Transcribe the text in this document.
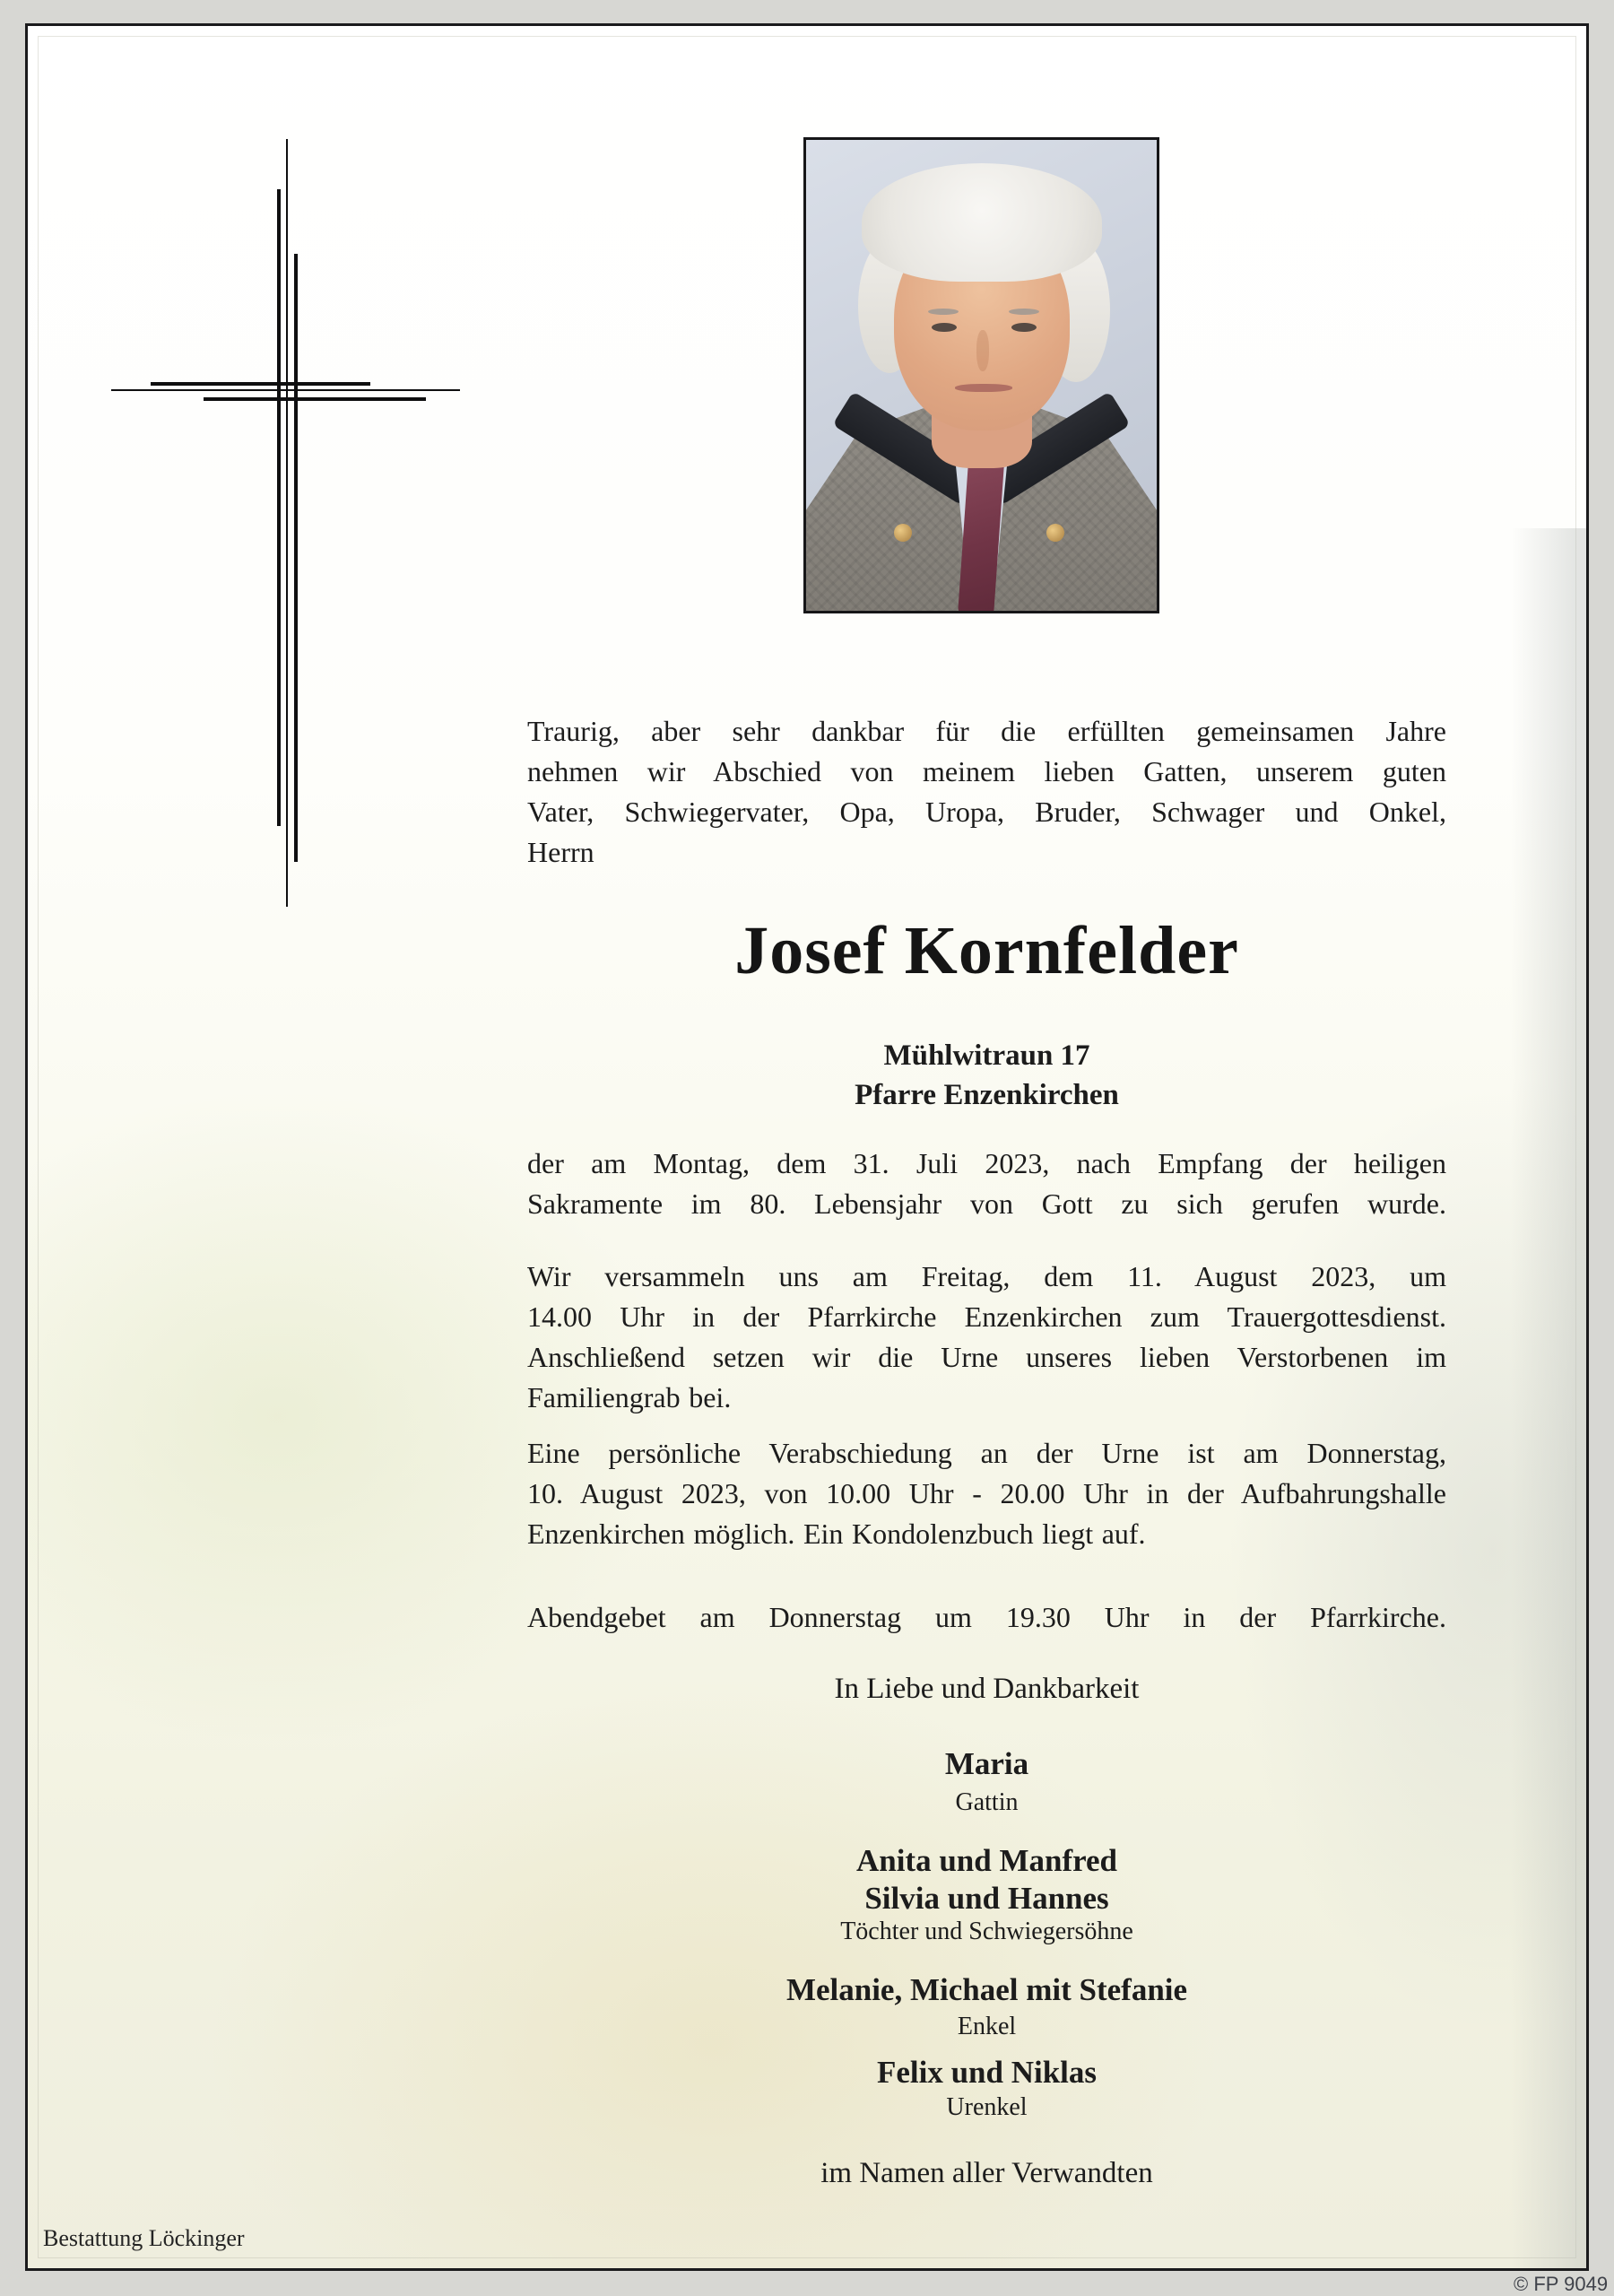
Traurig, aber sehr dankbar für die erfüllten gemeinsamen Jahre
nehmen wir Abschied von meinem lieben Gatten, unserem guten
Vater, Schwiegervater, Opa, Uropa, Bruder, Schwager und Onkel,
Herrn
Josef Kornfelder
Mühlwitraun 17
Pfarre Enzenkirchen
der am Montag, dem 31. Juli 2023, nach Empfang der heiligen
Sakramente im 80. Lebensjahr von Gott zu sich gerufen wurde.
Wir versammeln uns am Freitag, dem 11. August 2023, um
14.00 Uhr in der Pfarrkirche Enzenkirchen zum Trauergottesdienst.
Anschließend setzen wir die Urne unseres lieben Verstorbenen im
Familiengrab bei.
Eine persönliche Verabschiedung an der Urne ist am Donnerstag,
10. August 2023, von 10.00 Uhr - 20.00 Uhr in der Aufbahrungshalle
Enzenkirchen möglich. Ein Kondolenzbuch liegt auf.
Abendgebet am Donnerstag um 19.30 Uhr in der Pfarrkirche.
In Liebe und Dankbarkeit
Maria
Gattin
Anita und Manfred
Silvia und Hannes
Töchter und Schwiegersöhne
Melanie, Michael mit Stefanie
Enkel
Felix und Niklas
Urenkel
im Namen aller Verwandten
Bestattung Löckinger
© FP 9049
